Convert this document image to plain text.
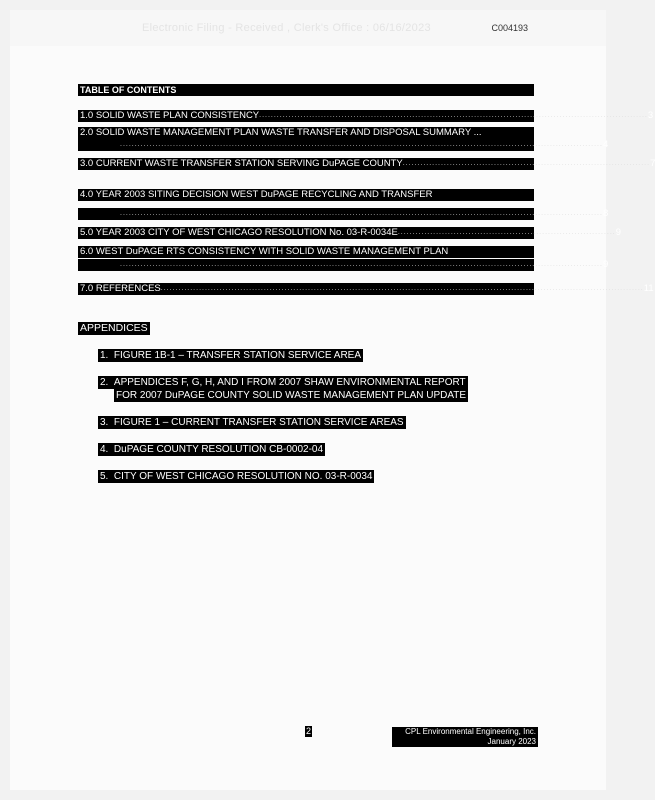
Electronic Filing - Received , Clerk's Office : 06/16/2023	C004193
TABLE OF CONTENTS
1.0 SOLID WASTE PLAN CONSISTENCY .................................................................................................................................... 3
2.0 SOLID WASTE MANAGEMENT PLAN WASTE TRANSFER AND DISPOSAL SUMMARY ...
.................................................................................................................................................................... 4
3.0 CURRENT WASTE TRANSFER STATION SERVING DuPAGE COUNTY .................................................................................... 7
4.0 YEAR 2003 SITING DECISION WEST DuPAGE RECYCLING AND TRANSFER
.................................................................................................................................................................... 8
5.0 YEAR 2003 CITY OF WEST CHICAGO RESOLUTION No. 03-R-0034E .......................................................................... 9
6.0 WEST DuPAGE RTS CONSISTENCY WITH SOLID WASTE MANAGEMENT PLAN
.................................................................................................................................................................... 9
7.0 REFERENCES .................................................................................................................................................................... 11
APPENDICES
1. FIGURE 1B-1 – TRANSFER STATION SERVICE AREA
2. APPENDICES F, G, H, AND I FROM 2007 SHAW ENVIRONMENTAL REPORT
FOR 2007 DuPAGE COUNTY SOLID WASTE MANAGEMENT PLAN UPDATE
3. FIGURE 1 – CURRENT TRANSFER STATION SERVICE AREAS
4. DuPAGE COUNTY RESOLUTION CB-0002-04
5. CITY OF WEST CHICAGO RESOLUTION NO. 03-R-0034
2	CPL Environmental Engineering, Inc.
January 2023
